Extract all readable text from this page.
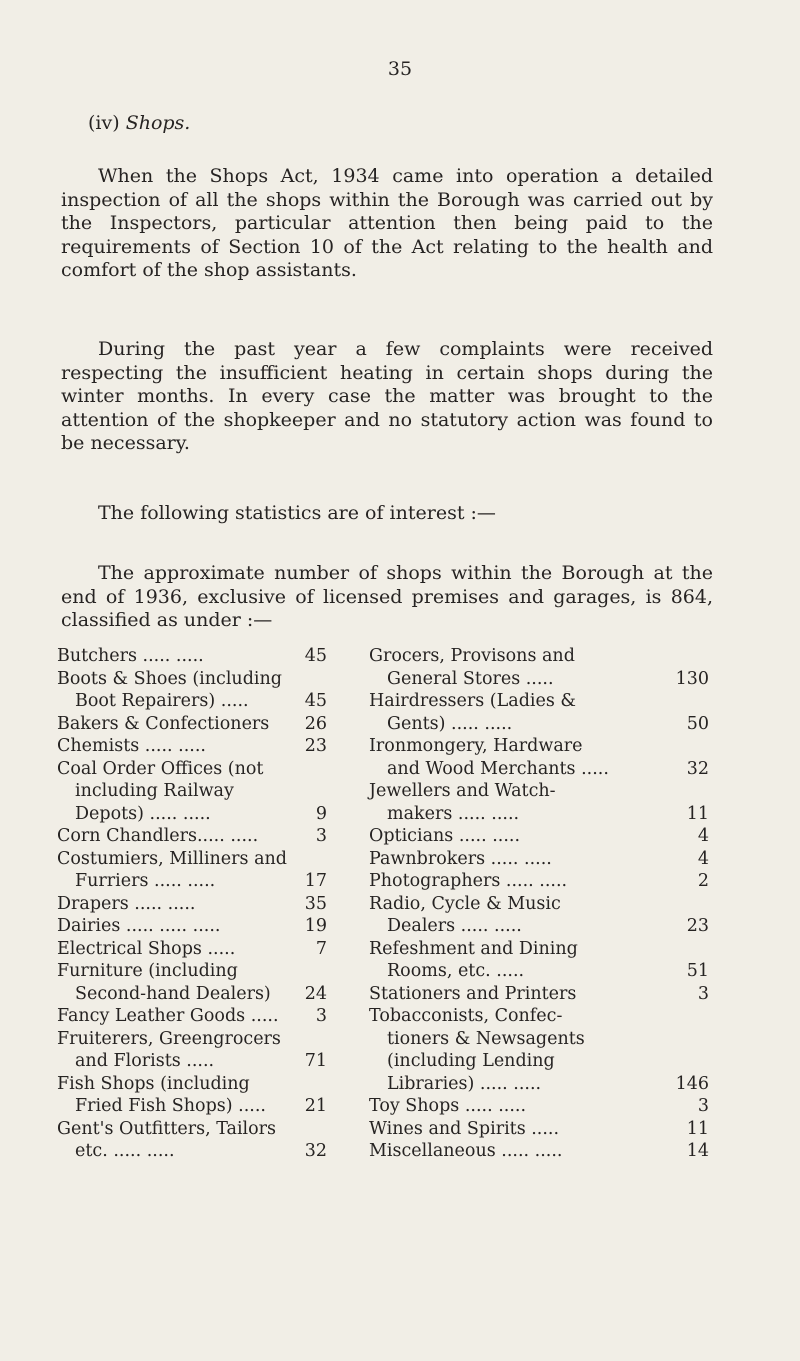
35
(iv) Shops.

When the Shops Act, 1934 came into operation a detailed inspection of all the shops within the Borough was carried out by the Inspectors, particular attention then being paid to the requirements of Section 10 of the Act relating to the health and comfort of the shop assistants.

During the past year a few complaints were received respecting the insufficient heating in certain shops during the winter months. In every case the matter was brought to the attention of the shopkeeper and no statutory action was found to be necessary.

The following statistics are of interest :—

The approximate number of shops within the Borough at the end of 1936, exclusive of licensed premises and garages, is 864, classified as under :—

Butchers ..... .....	45
Boots & Shoes (including
Boot Repairers) .....	45
Bakers & Confectioners	26
Chemists ..... .....	23
Coal Order Offices (not
including Railway
Depots) ..... .....	9
Corn Chandlers..... .....	3
Costumiers, Milliners and
Furriers ..... .....	17
Drapers ..... .....	35
Dairies ..... ..... .....	19
Electrical Shops .....	7
Furniture (including
Second-hand Dealers)	24
Fancy Leather Goods .....	3
Fruiterers, Greengrocers
and Florists .....	71
Fish Shops (including
Fried Fish Shops) .....	21
Gent's Outfitters, Tailors
etc. ..... .....	32
Grocers, Provisons and
General Stores .....	130
Hairdressers (Ladies &
Gents) ..... .....	50
Ironmongery, Hardware
and Wood Merchants .....	32
Jewellers and Watch-
makers ..... .....	11
Opticians ..... .....	4
Pawnbrokers ..... .....	4
Photographers ..... .....	2
Radio, Cycle & Music
Dealers ..... .....	23
Refeshment and Dining
Rooms, etc. .....	51
Stationers and Printers	3
Tobacconists, Confec-
tioners & Newsagents
(including Lending
Libraries) ..... .....	146
Toy Shops ..... .....	3
Wines and Spirits .....	11
Miscellaneous ..... .....	14
